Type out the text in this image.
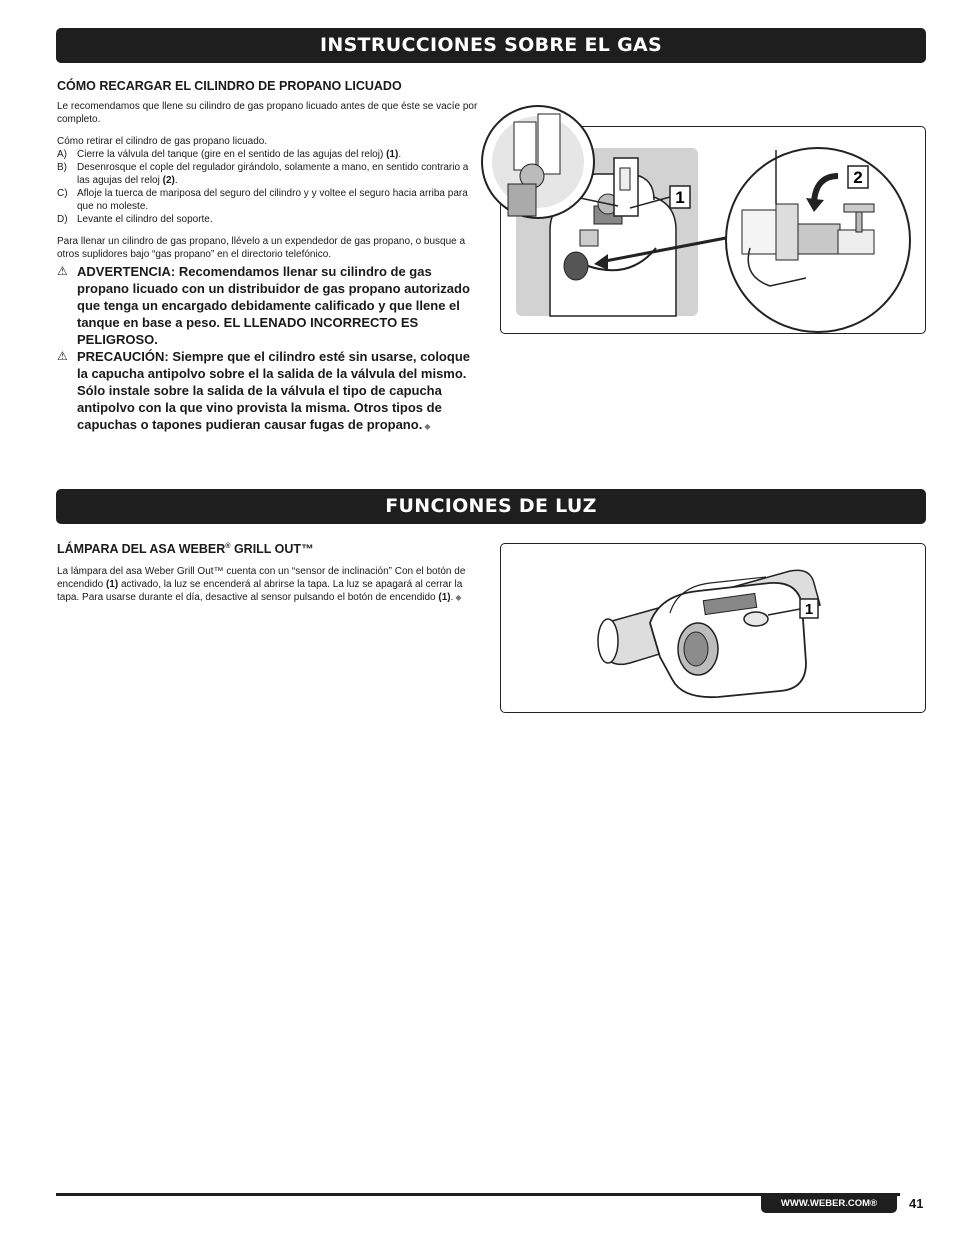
INSTRUCCIONES SOBRE EL GAS

CÓMO RECARGAR EL CILINDRO DE PROPANO LICUADO

Le recomendamos que llene su cilindro de gas propano licuado antes de que éste se vacíe por completo.

Cómo retirar el cilindro de gas propano licuado.

A) Cierre la válvula del tanque (gire en el sentido de las agujas del reloj) (1).
B) Desenrosque el cople del regulador girándolo, solamente a mano, en sentido contrario a las agujas del reloj (2).
C) Afloje la tuerca de mariposa del seguro del cilindro y y voltee el seguro hacia arriba para que no moleste.
D) Levante el cilindro del soporte.

Para llenar un cilindro de gas propano, llévelo a un expendedor de gas propano, o busque a otros suplidores bajo “gas propano” en el directorio telefónico.

⚠ ADVERTENCIA: Recomendamos llenar su cilindro de gas propano licuado con un distribuidor de gas propano autorizado que tenga un encargado debidamente calificado y que llene el tanque en base a peso. EL LLENADO INCORRECTO ES PELIGROSO.

⚠ PRECAUCIÓN: Siempre que el cilindro esté sin usarse, coloque la capucha antipolvo sobre el la salida de la válvula del mismo. Sólo instale sobre la salida de la válvula el tipo de capucha antipolvo con la que vino provista la misma. Otros tipos de capuchas o tapones pudieran causar fugas de propano. ◆

1
2
FUNCIONES DE LUZ

LÁMPARA DEL ASA WEBER® GRILL OUT™

La lámpara del asa Weber Grill Out™ cuenta con un “sensor de inclinación” Con el botón de encendido (1) activado, la luz se encenderá al abrirse la tapa. La luz se apagará al cerrar la tapa. Para usarse durante el día, desactive al sensor pulsando el botón de encendido (1). ◆

1
WWW.WEBER.COM®	41
